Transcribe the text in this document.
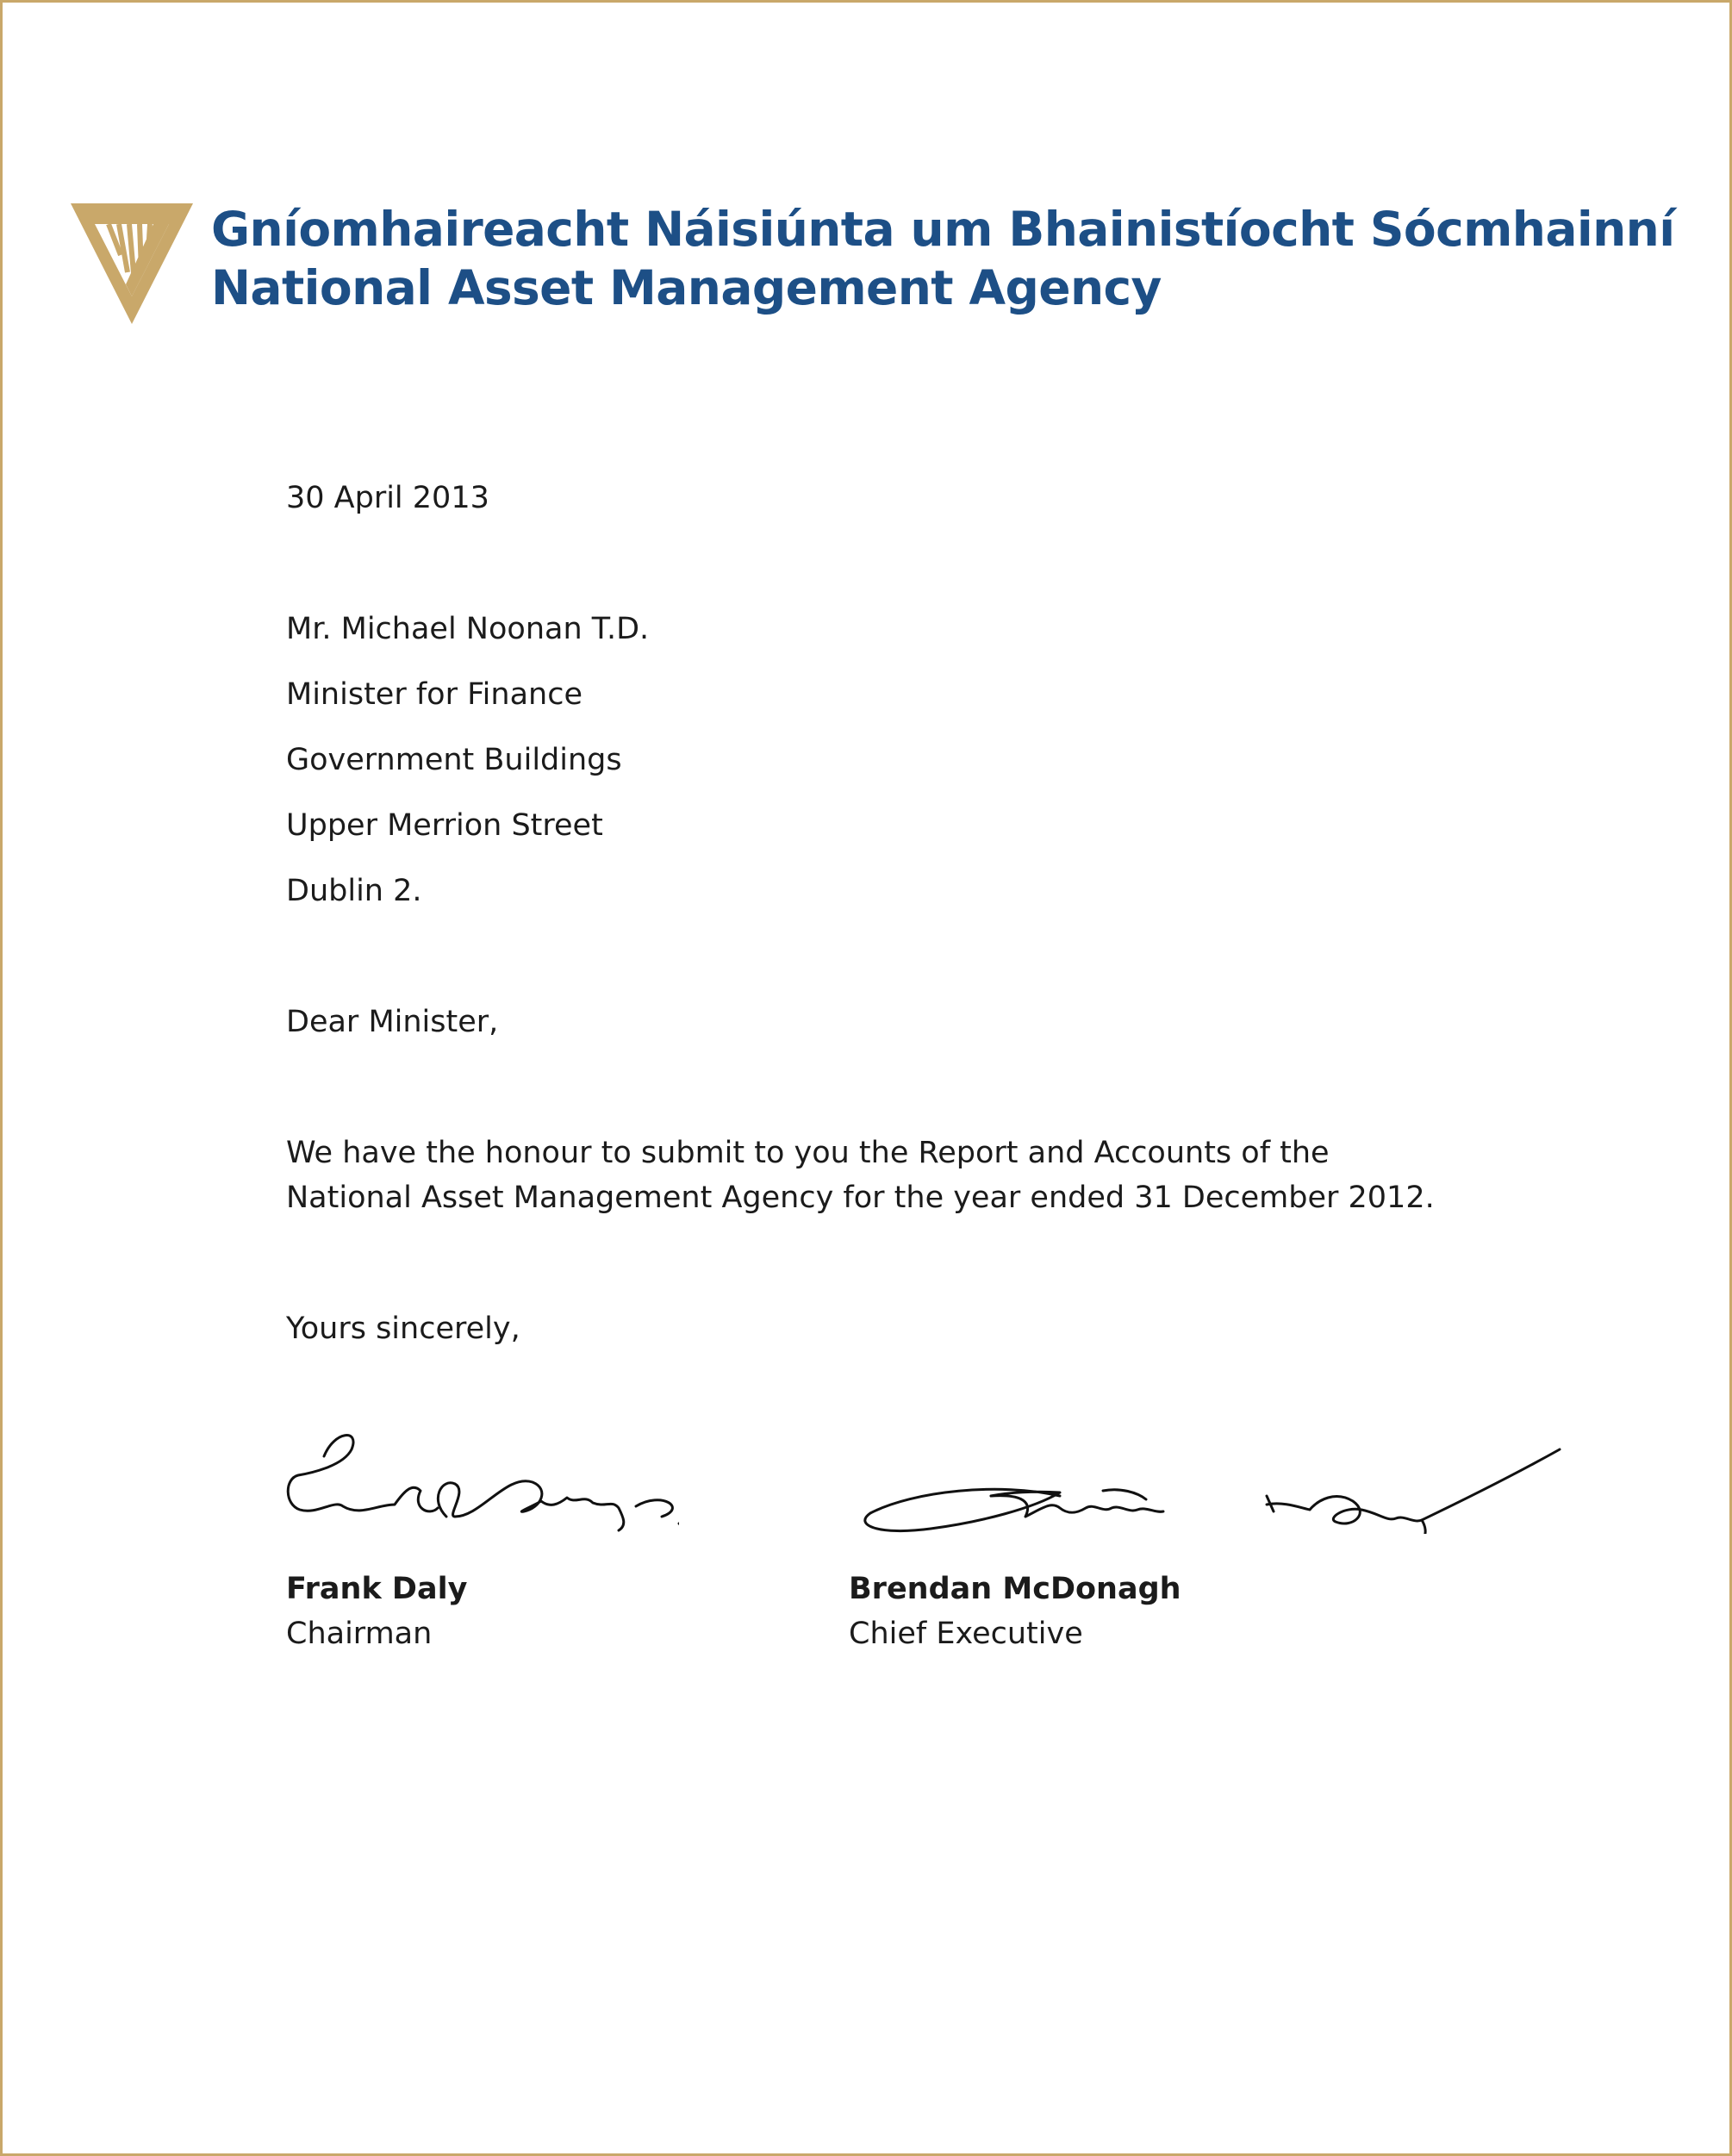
Gníomhaireacht Náisiúnta um Bhainistíocht Sócmhainní
National Asset Management Agency
30 April 2013
Mr. Michael Noonan T.D.
Minister for Finance
Government Buildings
Upper Merrion Street
Dublin 2.
Dear Minister,
We have the honour to submit to you the Report and Accounts of the
National Asset Management Agency for the year ended 31 December 2012.
Yours sincerely,
Frank Daly
Chairman
Brendan McDonagh
Chief Executive
